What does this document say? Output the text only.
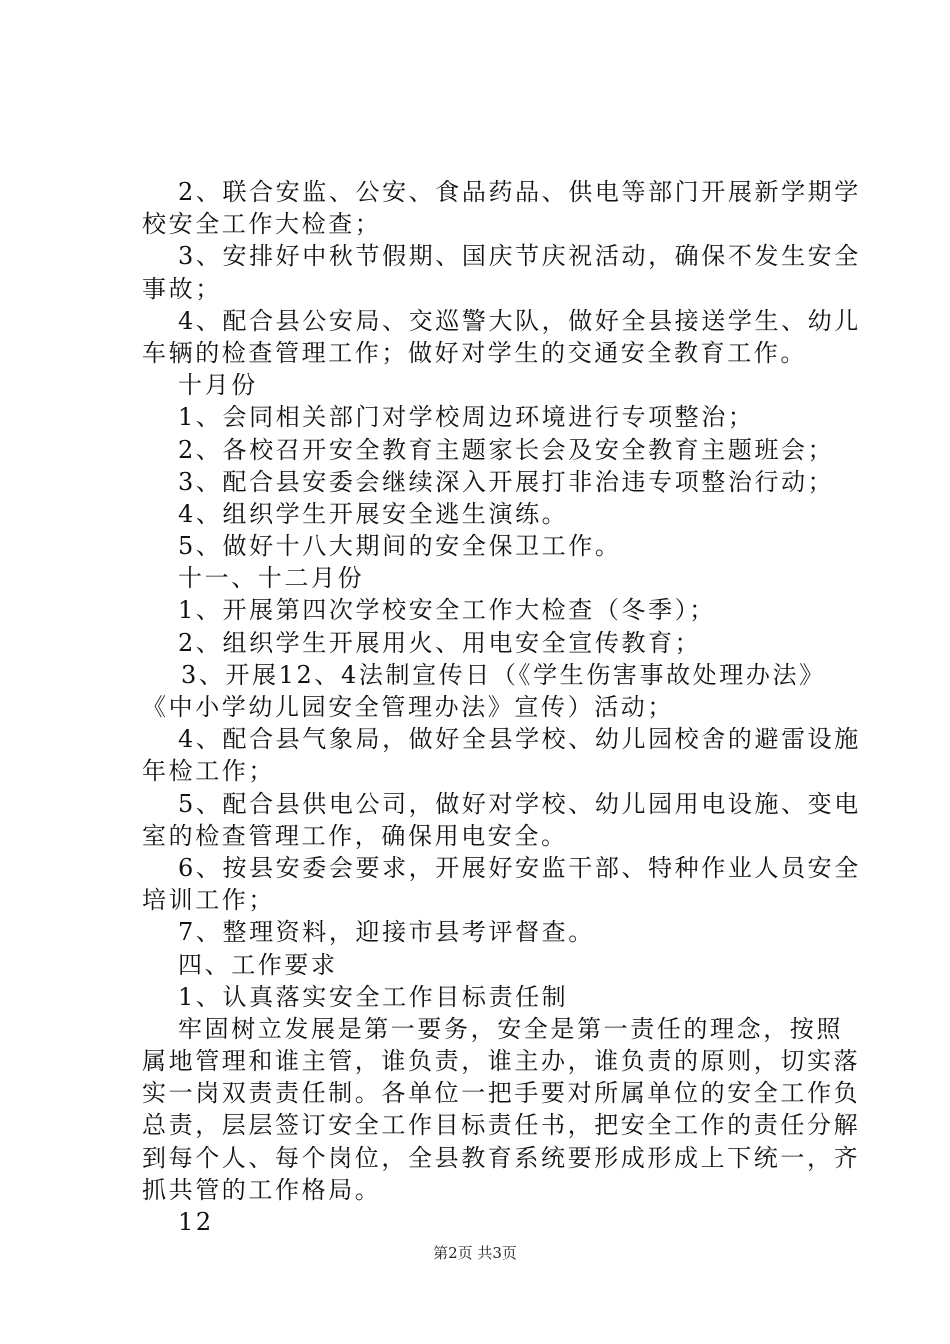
2、联合安监、公安、食品药品、供电等部门开展新学期学
校安全工作大检查；
3、安排好中秋节假期、国庆节庆祝活动，确保不发生安全
事故；
4、配合县公安局、交巡警大队，做好全县接送学生、幼儿
车辆的检查管理工作；做好对学生的交通安全教育工作。
十月份
1、会同相关部门对学校周边环境进行专项整治；
2、各校召开安全教育主题家长会及安全教育主题班会；
3、配合县安委会继续深入开展打非治违专项整治行动；
4、组织学生开展安全逃生演练。
5、做好十八大期间的安全保卫工作。
十一、十二月份
1、开展第四次学校安全工作大检查（冬季）；
2、组织学生开展用火、用电安全宣传教育；
3、开展12、4法制宣传日（《学生伤害事故处理办法》
《中小学幼儿园安全管理办法》宣传）活动；
4、配合县气象局，做好全县学校、幼儿园校舍的避雷设施
年检工作；
5、配合县供电公司，做好对学校、幼儿园用电设施、变电
室的检查管理工作，确保用电安全。
6、按县安委会要求，开展好安监干部、特种作业人员安全
培训工作；
7、整理资料，迎接市县考评督查。
四、工作要求
1、认真落实安全工作目标责任制
牢固树立发展是第一要务，安全是第一责任的理念，按照
属地管理和谁主管，谁负责，谁主办，谁负责的原则，切实落
实一岗双责责任制。各单位一把手要对所属单位的安全工作负
总责，层层签订安全工作目标责任书，把安全工作的责任分解
到每个人、每个岗位，全县教育系统要形成形成上下统一，齐
抓共管的工作格局。
12
第2页 共3页
